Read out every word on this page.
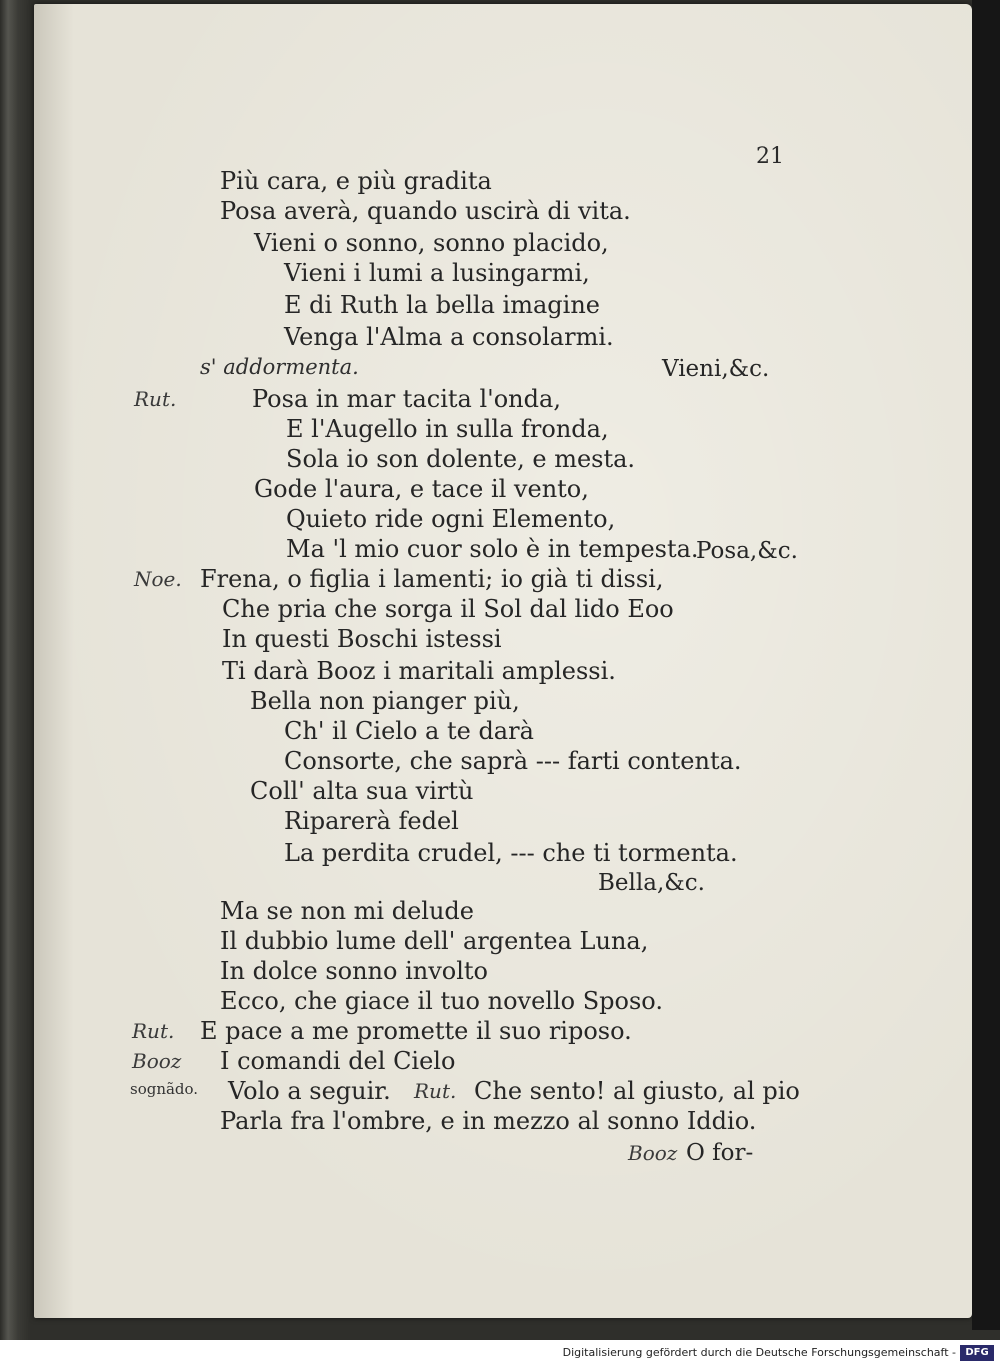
21
Più cara, e più gradita
Posa averà, quando uscirà di vita.
Vieni o sonno, sonno placido,
Vieni i lumi a lusingarmi,
E di Ruth la bella imagine
Venga l'Alma a consolarmi.
s' addormenta.	Vieni,&c.
Rut.	Posa in mar tacita l'onda,
E l'Augello in sulla fronda,
Sola io son dolente, e mesta.
Gode l'aura, e tace il vento,
Quieto ride ogni Elemento,
Ma 'l mio cuor solo è in tempesta.
Posa,&c.
Noe. Frena, o figlia i lamenti; io già ti dissi,
Che pria che sorga il Sol dal lido Eoo
In questi Boschi istessi
Ti darà Booz i maritali amplessi.
Bella non pianger più,
Ch' il Cielo a te darà
Consorte, che saprà --- farti contenta.
Coll' alta sua virtù
Riparerà fedel
La perdita crudel, --- che ti tormenta.
Bella,&c.
Ma se non mi delude
Il dubbio lume dell' argentea Luna,
In dolce sonno involto
Ecco, che giace il tuo novello Sposo.
Rut. E pace a me promette il suo riposo.
Booz I comandi del Cielo
sognãdo. Volo a seguir. Rut. Che sento! al giusto, al pio
Parla fra l'ombre, e in mezzo al sonno Iddio.
Booz O for-
Digitalisierung gefördert durch die Deutsche Forschungsgemeinschaft - DFG
